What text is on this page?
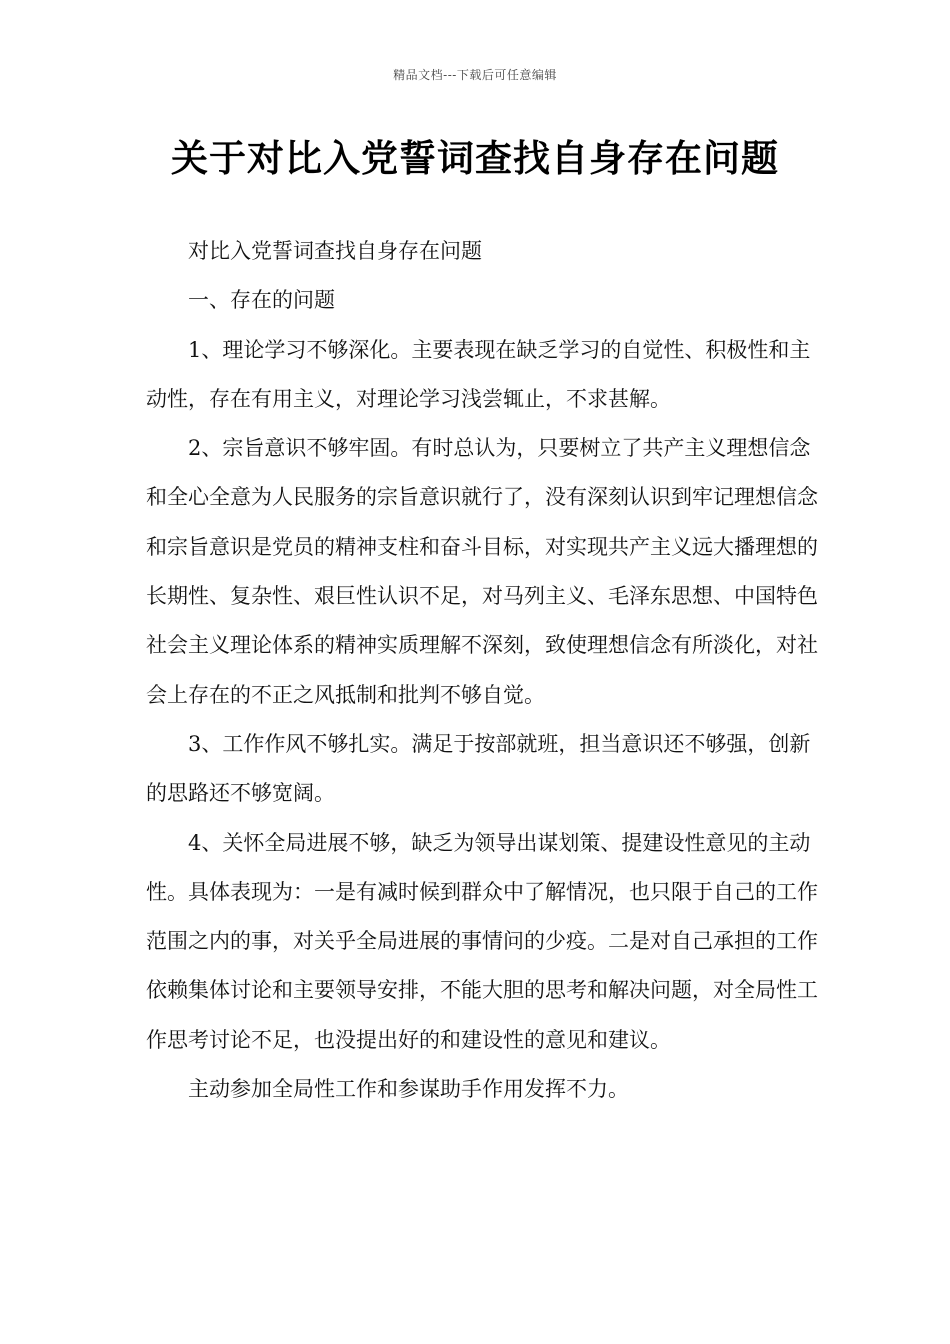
精品文档---下载后可任意编辑
关于对比入党誓词查找自身存在问题

对比入党誓词查找自身存在问题

一、存在的问题

1、理论学习不够深化。主要表现在缺乏学习的自觉性、积极性和主动性，存在有用主义，对理论学习浅尝辄止，不求甚解。

2、宗旨意识不够牢固。有时总认为，只要树立了共产主义理想信念和全心全意为人民服务的宗旨意识就行了，没有深刻认识到牢记理想信念和宗旨意识是党员的精神支柱和奋斗目标，对实现共产主义远大播理想的长期性、复杂性、艰巨性认识不足，对马列主义、毛泽东思想、中国特色社会主义理论体系的精神实质理解不深刻，致使理想信念有所淡化，对社会上存在的不正之风抵制和批判不够自觉。

3、工作作风不够扎实。满足于按部就班，担当意识还不够强，创新的思路还不够宽阔。

4、关怀全局进展不够，缺乏为领导出谋划策、提建设性意见的主动性。具体表现为：一是有减时候到群众中了解情况，也只限于自己的工作范围之内的事，对关乎全局进展的事情问的少疫。二是对自己承担的工作依赖集体讨论和主要领导安排，不能大胆的思考和解决问题，对全局性工作思考讨论不足，也没提出好的和建设性的意见和建议。

主动参加全局性工作和参谋助手作用发挥不力。
